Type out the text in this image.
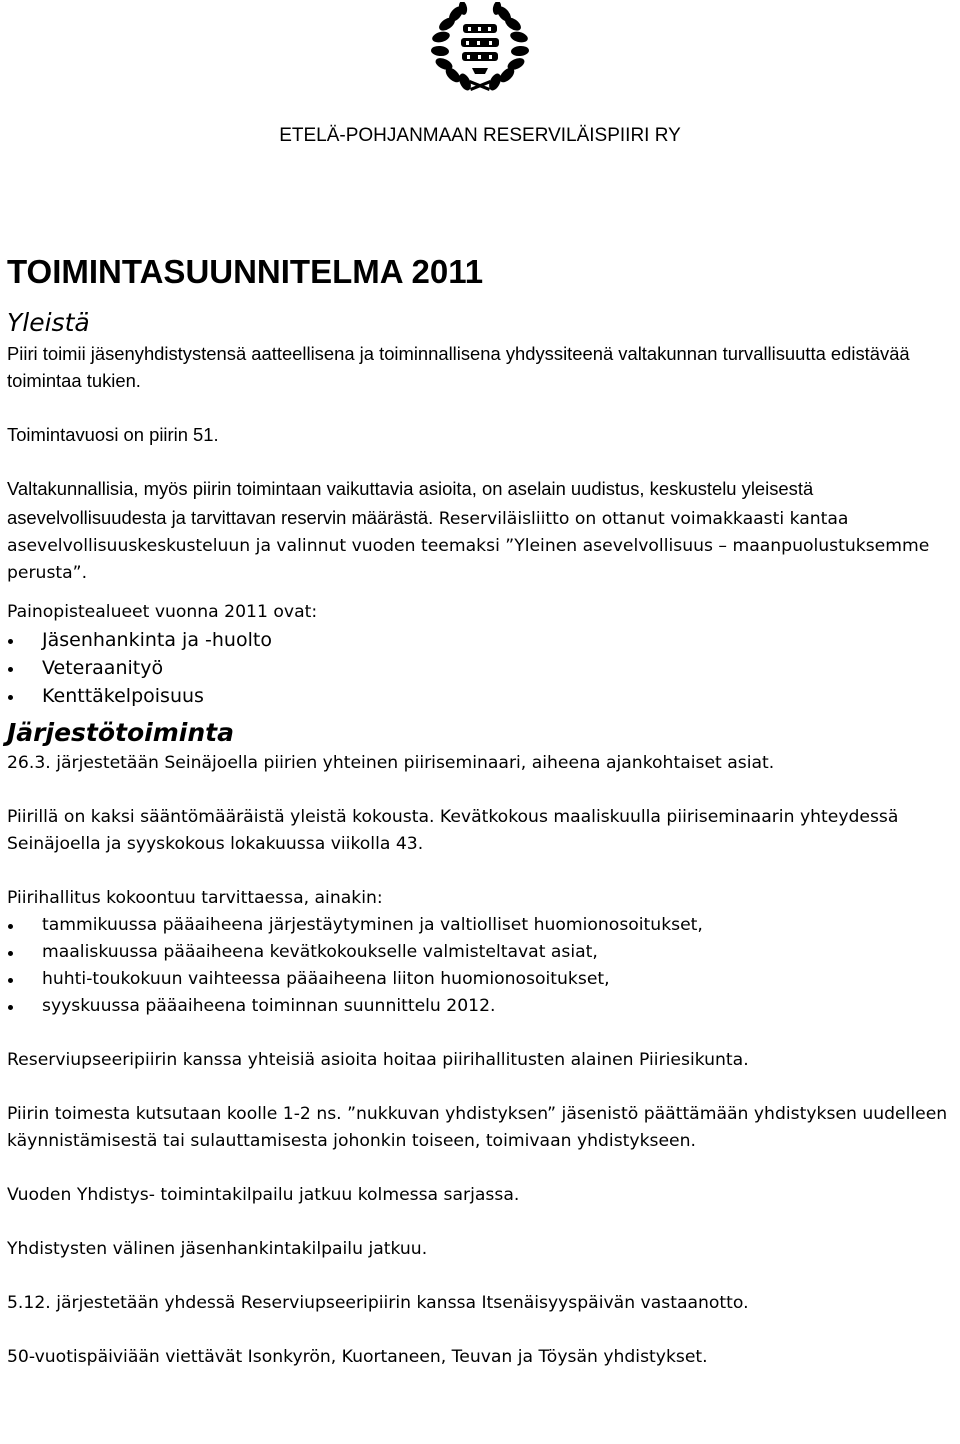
ETELÄ-POHJANMAAN RESERVILÄISPIIRI RY
TOIMINTASUUNNITELMA 2011
Yleistä

Piiri toimii jäsenyhdistystensä aatteellisena ja toiminnallisena yhdyssiteenä valtakunnan turvallisuutta edistävää toimintaa tukien.

Toimintavuosi on piirin 51.

Valtakunnallisia, myös piirin toimintaan vaikuttavia asioita, on aselain uudistus, keskustelu yleisestä asevelvollisuudesta ja tarvittavan reservin määrästä. Reserviläisliitto on ottanut voimakkaasti kantaa asevelvollisuuskeskusteluun ja valinnut vuoden teemaksi ”Yleinen asevelvollisuus – maanpuolustuksemme perusta”.

Painopistealueet vuonna 2011 ovat:

Jäsenhankinta ja -huolto
Veteraanityö
Kenttäkelpoisuus
Järjestötoiminta

26.3. järjestetään Seinäjoella piirien yhteinen piiriseminaari, aiheena ajankohtaiset asiat.

Piirillä on kaksi sääntömääräistä yleistä kokousta. Kevätkokous maaliskuulla piiriseminaarin yhteydessä Seinäjoella ja syyskokous lokakuussa viikolla 43.

Piirihallitus kokoontuu tarvittaessa, ainakin:

tammikuussa pääaiheena järjestäytyminen ja valtiolliset huomionosoitukset,
maaliskuussa pääaiheena kevätkokoukselle valmisteltavat asiat,
huhti-toukokuun vaihteessa pääaiheena liiton huomionosoitukset,
syyskuussa pääaiheena toiminnan suunnittelu 2012.

Reserviupseeripiirin kanssa yhteisiä asioita hoitaa piirihallitusten alainen Piiriesikunta.

Piirin toimesta kutsutaan koolle 1-2 ns. ”nukkuvan yhdistyksen” jäsenistö päättämään yhdistyksen uudelleen käynnistämisestä tai sulauttamisesta johonkin toiseen, toimivaan yhdistykseen.

Vuoden Yhdistys- toimintakilpailu jatkuu kolmessa sarjassa.

Yhdistysten välinen jäsenhankintakilpailu jatkuu.

5.12. järjestetään yhdessä Reserviupseeripiirin kanssa Itsenäisyyspäivän vastaanotto.

50-vuotispäiviään viettävät Isonkyrön, Kuortaneen, Teuvan ja Töysän yhdistykset.
